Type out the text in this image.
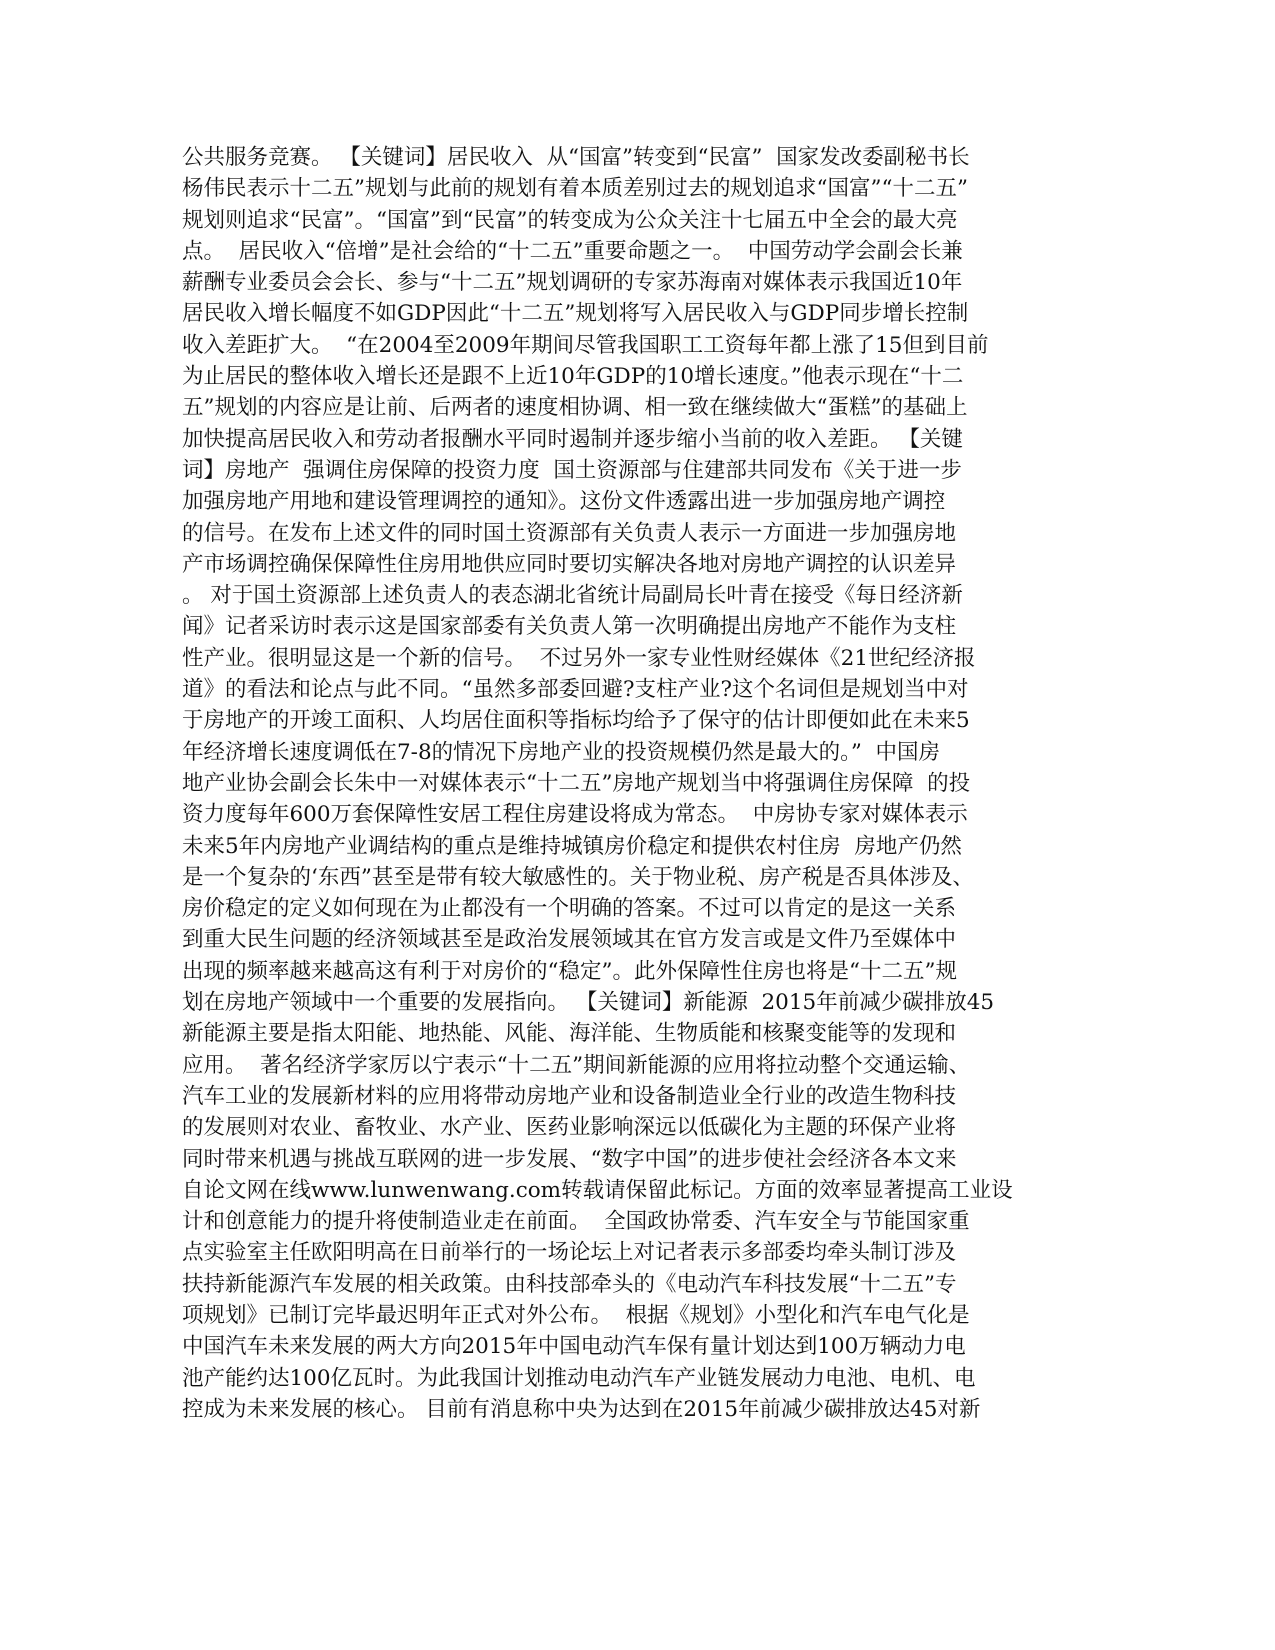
公共服务竞赛。 【关键词】居民收入  从“国富”转变到“民富”  国家发改委副秘书长
杨伟民表示十二五”规划与此前的规划有着本质差别过去的规划追求“国富”“十二五”
规划则追求“民富”。“国富”到“民富”的转变成为公众关注十七届五中全会的最大亮
点。  居民收入“倍增”是社会给的“十二五”重要命题之一。  中国劳动学会副会长兼
薪酬专业委员会会长、参与“十二五”规划调研的专家苏海南对媒体表示我国近10年
居民收入增长幅度不如GDP因此“十二五”规划将写入居民收入与GDP同步增长控制
收入差距扩大。  “在2004至2009年期间尽管我国职工工资每年都上涨了15但到目前
为止居民的整体收入增长还是跟不上近10年GDP的10增长速度。”他表示现在“十二
五”规划的内容应是让前、后两者的速度相协调、相一致在继续做大“蛋糕”的基础上
加快提高居民收入和劳动者报酬水平同时遏制并逐步缩小当前的收入差距。 【关键
词】房地产  强调住房保障的投资力度  国土资源部与住建部共同发布《关于进一步
加强房地产用地和建设管理调控的通知》。这份文件透露出进一步加强房地产调控
的信号。在发布上述文件的同时国土资源部有关负责人表示一方面进一步加强房地
产市场调控确保保障性住房用地供应同时要切实解决各地对房地产调控的认识差异
。 对于国土资源部上述负责人的表态湖北省统计局副局长叶青在接受《每日经济新
闻》记者采访时表示这是国家部委有关负责人第一次明确提出房地产不能作为支柱
性产业。很明显这是一个新的信号。  不过另外一家专业性财经媒体《21世纪经济报
道》的看法和论点与此不同。“虽然多部委回避?支柱产业?这个名词但是规划当中对
于房地产的开竣工面积、人均居住面积等指标均给予了保守的估计即便如此在未来5
年经济增长速度调低在7-8的情况下房地产业的投资规模仍然是最大的。”  中国房
地产业协会副会长朱中一对媒体表示“十二五”房地产规划当中将强调住房保障  的投
资力度每年600万套保障性安居工程住房建设将成为常态。  中房协专家对媒体表示
未来5年内房地产业调结构的重点是维持城镇房价稳定和提供农村住房  房地产仍然
是一个复杂的‘东西”甚至是带有较大敏感性的。关于物业税、房产税是否具体涉及、
房价稳定的定义如何现在为止都没有一个明确的答案。不过可以肯定的是这一关系
到重大民生问题的经济领域甚至是政治发展领域其在官方发言或是文件乃至媒体中
出现的频率越来越高这有利于对房价的“稳定”。此外保障性住房也将是“十二五”规
划在房地产领域中一个重要的发展指向。 【关键词】新能源  2015年前减少碳排放45
新能源主要是指太阳能、地热能、风能、海洋能、生物质能和核聚变能等的发现和
应用。  著名经济学家厉以宁表示“十二五”期间新能源的应用将拉动整个交通运输、
汽车工业的发展新材料的应用将带动房地产业和设备制造业全行业的改造生物科技
的发展则对农业、畜牧业、水产业、医药业影响深远以低碳化为主题的环保产业将
同时带来机遇与挑战互联网的进一步发展、“数字中国”的进步使社会经济各本文来
自论文网在线www.lunwenwang.com转载请保留此标记。方面的效率显著提高工业设
计和创意能力的提升将使制造业走在前面。  全国政协常委、汽车安全与节能国家重
点实验室主任欧阳明高在日前举行的一场论坛上对记者表示多部委均牵头制订涉及
扶持新能源汽车发展的相关政策。由科技部牵头的《电动汽车科技发展“十二五”专
项规划》已制订完毕最迟明年正式对外公布。  根据《规划》小型化和汽车电气化是
中国汽车未来发展的两大方向2015年中国电动汽车保有量计划达到100万辆动力电
池产能约达100亿瓦时。为此我国计划推动电动汽车产业链发展动力电池、电机、电
控成为未来发展的核心。 目前有消息称中央为达到在2015年前减少碳排放达45对新
